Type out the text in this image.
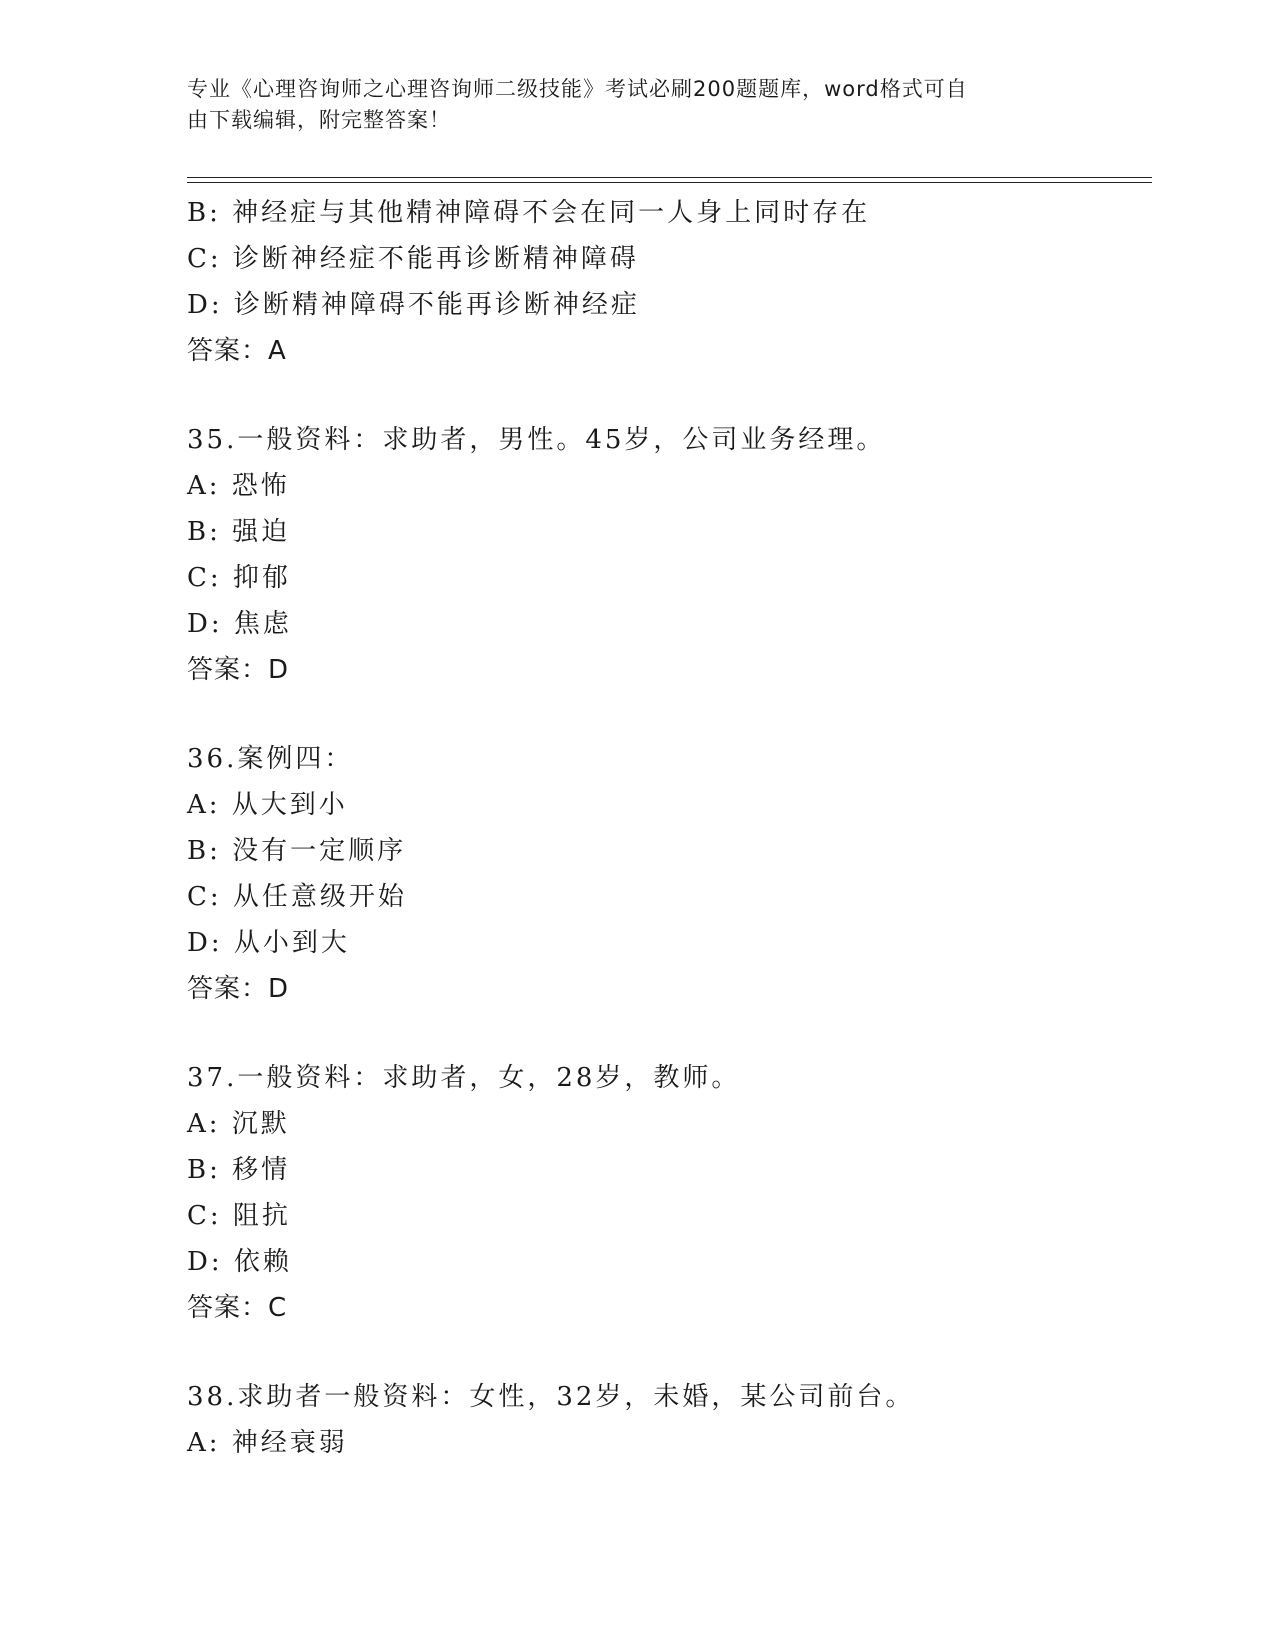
专业《心理咨询师之心理咨询师二级技能》考试必刷200题题库，word格式可自
由下载编辑，附完整答案！
B: 神经症与其他精神障碍不会在同一人身上同时存在
C: 诊断神经症不能再诊断精神障碍
D: 诊断精神障碍不能再诊断神经症
答案：A
35.一般资料：求助者，男性。45岁，公司业务经理。
A: 恐怖
B: 强迫
C: 抑郁
D: 焦虑
答案：D
36.案例四：
A: 从大到小
B: 没有一定顺序
C: 从任意级开始
D: 从小到大
答案：D
37.一般资料：求助者，女，28岁，教师。
A: 沉默
B: 移情
C: 阻抗
D: 依赖
答案：C
38.求助者一般资料：女性，32岁，未婚，某公司前台。
A: 神经衰弱
